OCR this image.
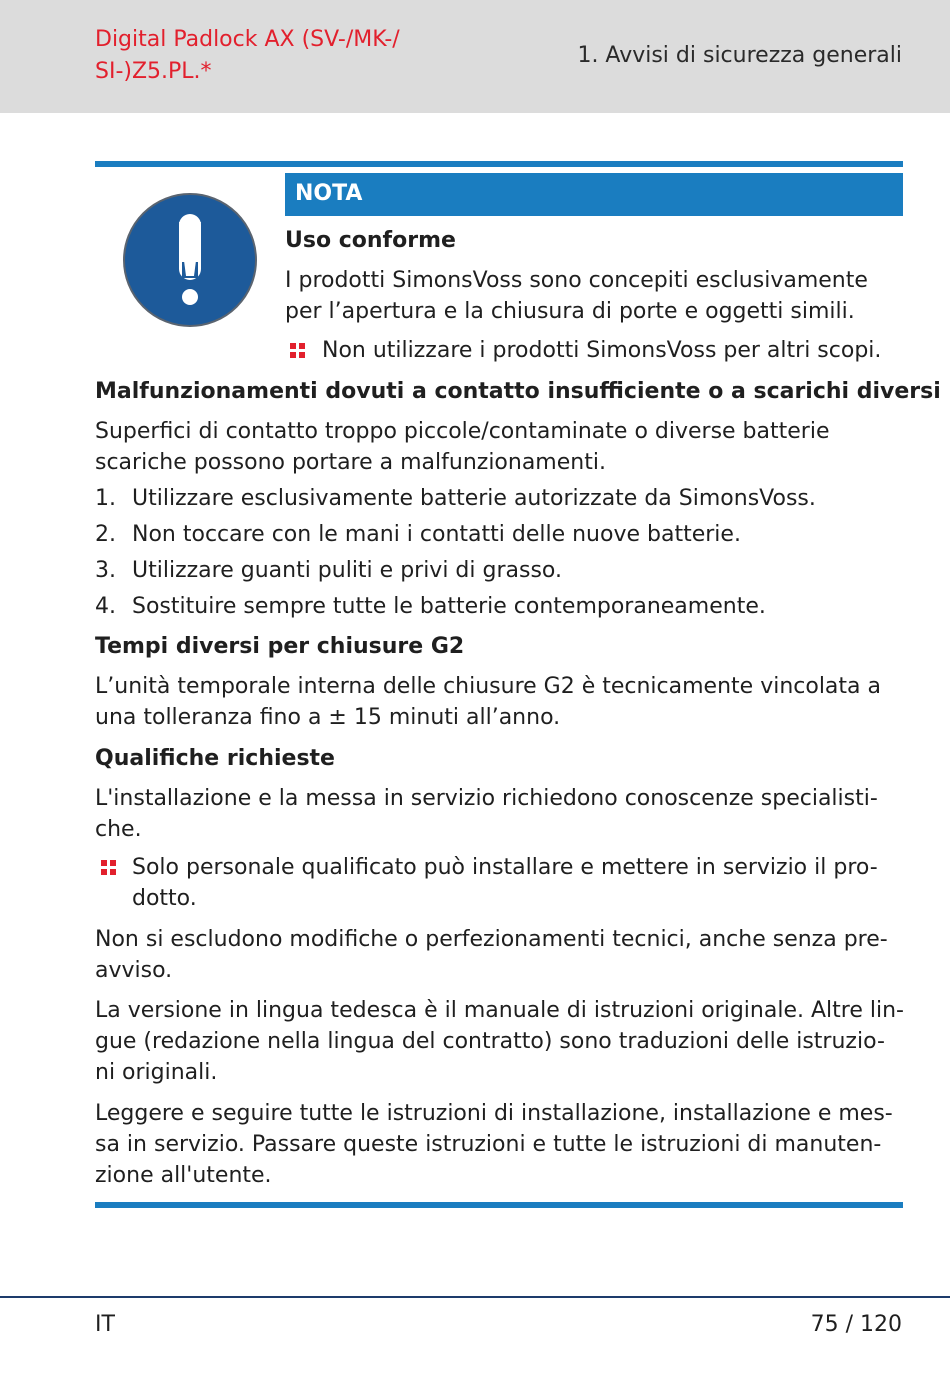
Digital Padlock AX (SV-/MK-/
SI-)Z5.PL.*
1. Avvisi di sicurezza generali
NOTA
Uso conforme
I prodotti SimonsVoss sono concepiti esclusivamente
per l’apertura e la chiusura di porte e oggetti simili.
Non utilizzare i prodotti SimonsVoss per altri scopi.
Malfunzionamenti dovuti a contatto insufficiente o a scarichi diversi
Superfici di contatto troppo piccole/contaminate o diverse batterie
scariche possono portare a malfunzionamenti.
1. Utilizzare esclusivamente batterie autorizzate da SimonsVoss.
2. Non toccare con le mani i contatti delle nuove batterie.
3. Utilizzare guanti puliti e privi di grasso.
4. Sostituire sempre tutte le batterie contemporaneamente.
Tempi diversi per chiusure G2
L’unità temporale interna delle chiusure G2 è tecnicamente vincolata a
una tolleranza fino a ± 15 minuti all’anno.
Qualifiche richieste
L'installazione e la messa in servizio richiedono conoscenze specialisti-
che.
Solo personale qualificato può installare e mettere in servizio il pro-
dotto.
Non si escludono modifiche o perfezionamenti tecnici, anche senza pre-
avviso.
La versione in lingua tedesca è il manuale di istruzioni originale. Altre lin-
gue (redazione nella lingua del contratto) sono traduzioni delle istruzio-
ni originali.
Leggere e seguire tutte le istruzioni di installazione, installazione e mes-
sa in servizio. Passare queste istruzioni e tutte le istruzioni di manuten-
zione all'utente.
IT	75 / 120
